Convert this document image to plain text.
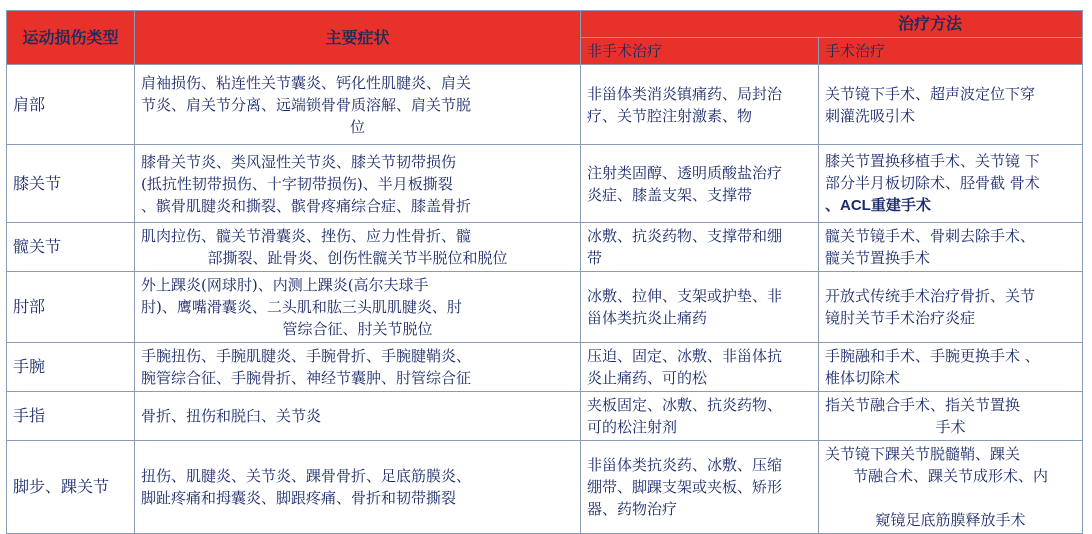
运动损伤类型	主要症状	治疗方法	
		非手术治疗	手术治疗
肩部	肩袖损伤、粘连性关节囊炎、钙化性肌腱炎、肩关
节炎、肩关节分离、远端锁骨骨质溶解、肩关节脱

位	非甾体类消炎镇痛药、局封治
疗、关节腔注射激素、物	关节镜下手术、超声波定位下穿
刺灌洗吸引术
膝关节	膝骨关节炎、类风湿性关节炎、膝关节韧带损伤
(抵抗性韧带损伤、十字韧带损伤)、半月板撕裂
、髌骨肌腱炎和撕裂、髌骨疼痛综合症、膝盖骨折	注射类固醇、透明质酸盐治疗
炎症、膝盖支架、支撑带	膝关节置换移植手术、关节镜 下
部分半月板切除术、胫骨截 骨术
、ACL重建手术
髋关节	肌肉拉伤、髋关节滑囊炎、挫伤、应力性骨折、髋

部撕裂、趾骨炎、创伤性髋关节半脱位和脱位	冰敷、抗炎药物、支撑带和绷
带	髋关节镜手术、骨刺去除手术、
髋关节置换手术
肘部	外上踝炎(网球肘)、内测上踝炎(高尔夫球手
肘)、鹰嘴滑囊炎、二头肌和肱三头肌肌腱炎、肘

管综合征、肘关节脱位	冰敷、拉伸、支架或护垫、非
甾体类抗炎止痛药	开放式传统手术治疗骨折、关节
镜肘关节手术治疗炎症
手腕	手腕扭伤、手腕肌腱炎、手腕骨折、手腕腱鞘炎、
腕管综合征、手腕骨折、神经节囊肿、肘管综合征	压迫、固定、冰敷、非甾体抗
炎止痛药、可的松	手腕融和手术、手腕更换手术 、
椎体切除术
手指	骨折、扭伤和脱臼、关节炎	夹板固定、冰敷、抗炎药物、
可的松注射剂	指关节融合手术、指关节置换

手术

脚步、踝关节	扭伤、肌腱炎、关节炎、踝骨骨折、足底筋膜炎、
脚趾疼痛和拇囊炎、脚跟疼痛、骨折和韧带撕裂	非甾体类抗炎药、冰敷、压缩
绷带、脚踝支架或夹板、矫形
器、药物治疗	关节镜下踝关节脱髓鞘、踝关

节融合术、踝关节成形术、内

窥镜足底筋膜释放手术
